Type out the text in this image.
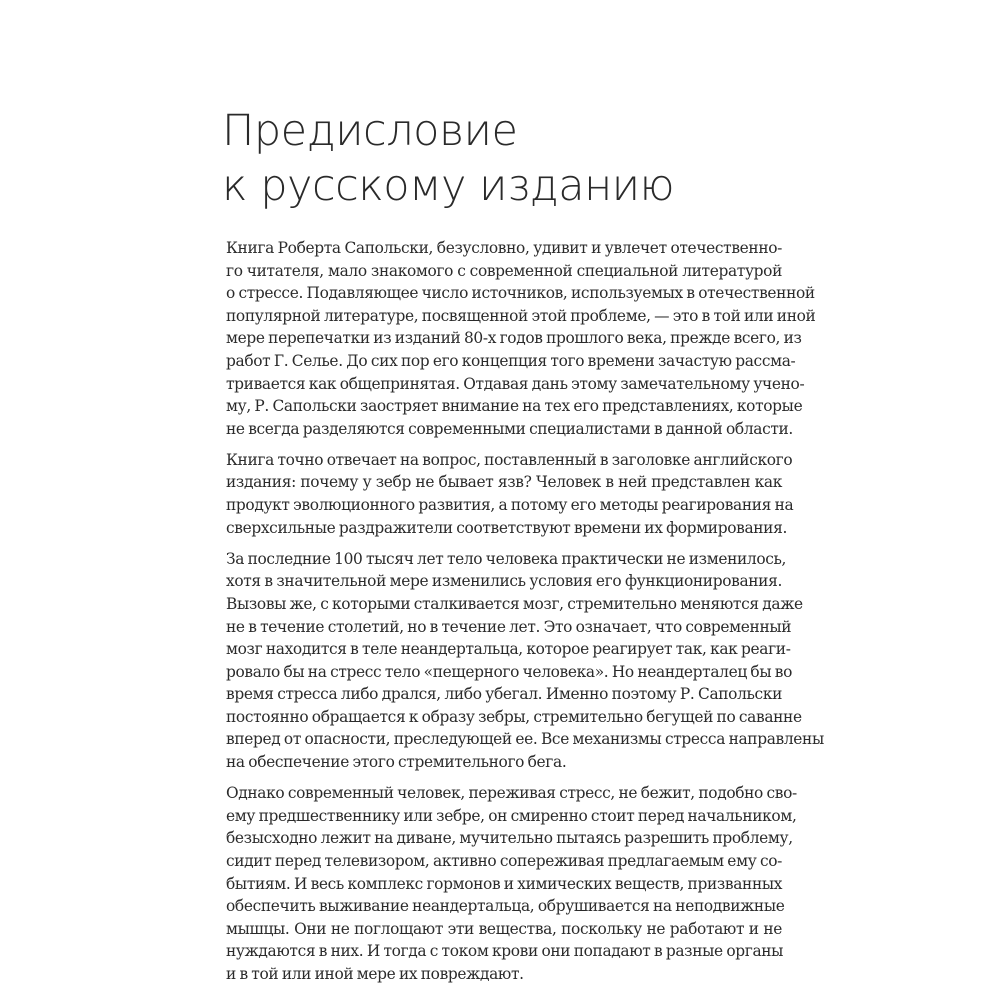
Предисловие
к русскому изданию

Книга Роберта Сапольски, безусловно, удивит и увлечет отечественно-
го читателя, мало знакомого с современной специальной литературой
о стрессе. Подавляющее число источников, используемых в отечественной
популярной литературе, посвященной этой проблеме, — это в той или иной
мере перепечатки из изданий 80-х годов прошлого века, прежде всего, из
работ Г. Селье. До сих пор его концепция того времени зачастую рассма-
тривается как общепринятая. Отдавая дань этому замечательному учено-
му, Р. Сапольски заостряет внимание на тех его представлениях, которые
не всегда разделяются современными специалистами в данной области.

Книга точно отвечает на вопрос, поставленный в заголовке английского
издания: почему у зебр не бывает язв? Человек в ней представлен как
продукт эволюционного развития, а потому его методы реагирования на
сверхсильные раздражители соответствуют времени их формирования.

За последние 100 тысяч лет тело человека практически не изменилось,
хотя в значительной мере изменились условия его функционирования.
Вызовы же, с которыми сталкивается мозг, стремительно меняются даже
не в течение столетий, но в течение лет. Это означает, что современный
мозг находится в теле неандертальца, которое реагирует так, как реаги-
ровало бы на стресс тело «пещерного человека». Но неандерталец бы во
время стресса либо дрался, либо убегал. Именно поэтому Р. Сапольски
постоянно обращается к образу зебры, стремительно бегущей по саванне
вперед от опасности, преследующей ее. Все механизмы стресса направлены
на обеспечение этого стремительного бега.

Однако современный человек, переживая стресс, не бежит, подобно сво-
ему предшественнику или зебре, он смиренно стоит перед начальником,
безысходно лежит на диване, мучительно пытаясь разрешить проблему,
сидит перед телевизором, активно сопереживая предлагаемым ему со-
бытиям. И весь комплекс гормонов и химических веществ, призванных
обеспечить выживание неандертальца, обрушивается на неподвижные
мышцы. Они не поглощают эти вещества, поскольку не работают и не
нуждаются в них. И тогда с током крови они попадают в разные органы
и в той или иной мере их повреждают.
